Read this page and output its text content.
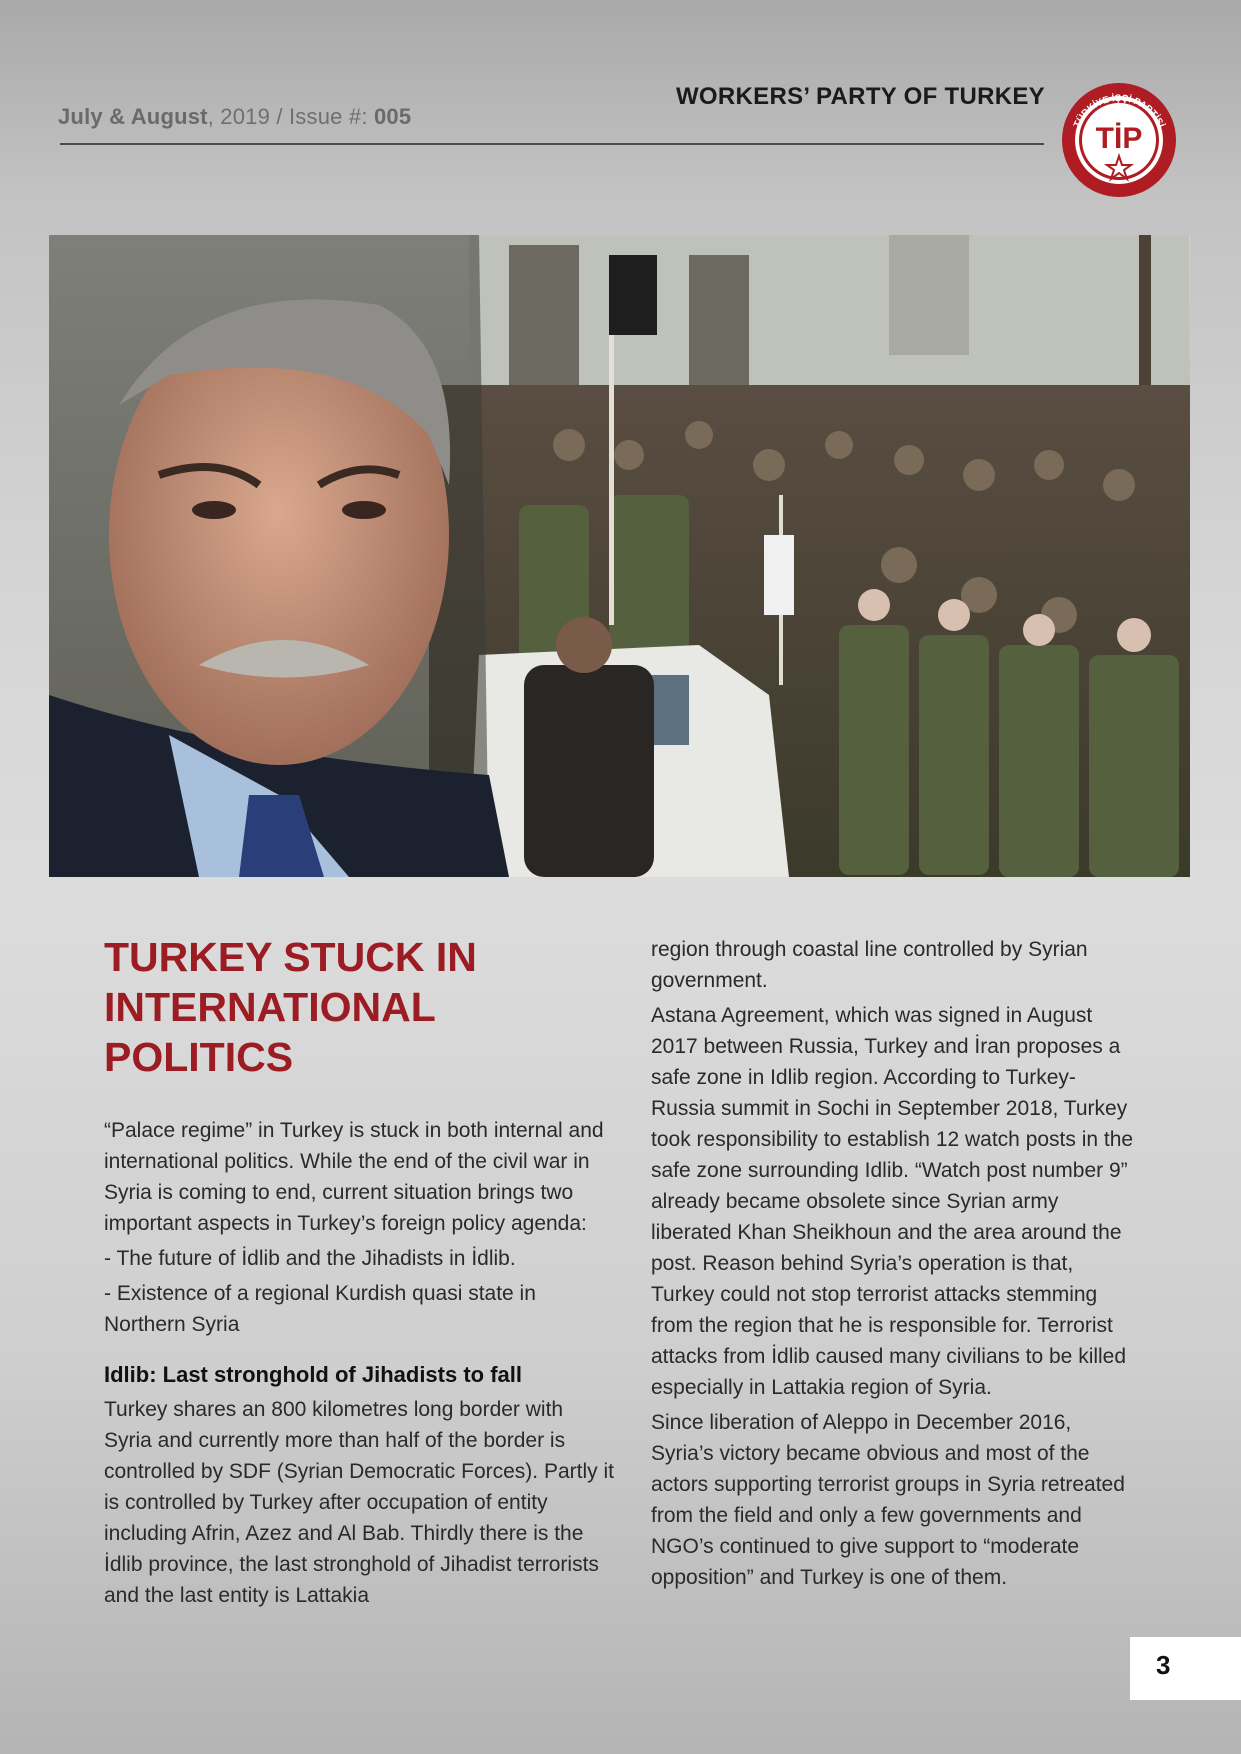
July & August, 2019 / Issue #: 005
WORKERS’ PARTY OF TURKEY
TÜRKİYE İŞÇİ PARTİSİ
TİP
TURKEY STUCK IN
INTERNATIONAL
POLITICS

“Palace regime” in Turkey is stuck in both internal and international politics. While the end of the civil war in Syria is coming to end, current situation brings two important aspects in Turkey’s foreign policy agenda:

- The future of İdlib and the Jihadists in İdlib.

- Existence of a regional Kurdish quasi state in Northern Syria

Idlib: Last stronghold of Jihadists to fall

Turkey shares an 800 kilometres long border with Syria and currently more than half of the border is controlled by SDF (Syrian Democratic Forces). Partly it is controlled by Turkey after occupation of entity including Afrin, Azez and Al Bab. Thirdly there is the İdlib province, the last stronghold of Jihadist terrorists and the last entity is Lattakia

region through coastal line controlled by Syrian government.

Astana Agreement, which was signed in August 2017 between Russia, Turkey and İran proposes a safe zone in Idlib region. According to Turkey-Russia summit in Sochi in September 2018, Turkey took responsibility to establish 12 watch posts in the safe zone surrounding Idlib. “Watch post number 9” already became obsolete since Syrian army liberated Khan Sheikhoun and the area around the post. Reason behind Syria’s operation is that, Turkey could not stop terrorist attacks stemming from the region that he is responsible for. Terrorist attacks from İdlib caused many civilians to be killed especially in Lattakia region of Syria.

Since liberation of Aleppo in December 2016, Syria’s victory became obvious and most of the actors supporting terrorist groups in Syria retreated from the field and only a few governments and NGO’s continued to give support to “moderate opposition” and Turkey is one of them.

3
